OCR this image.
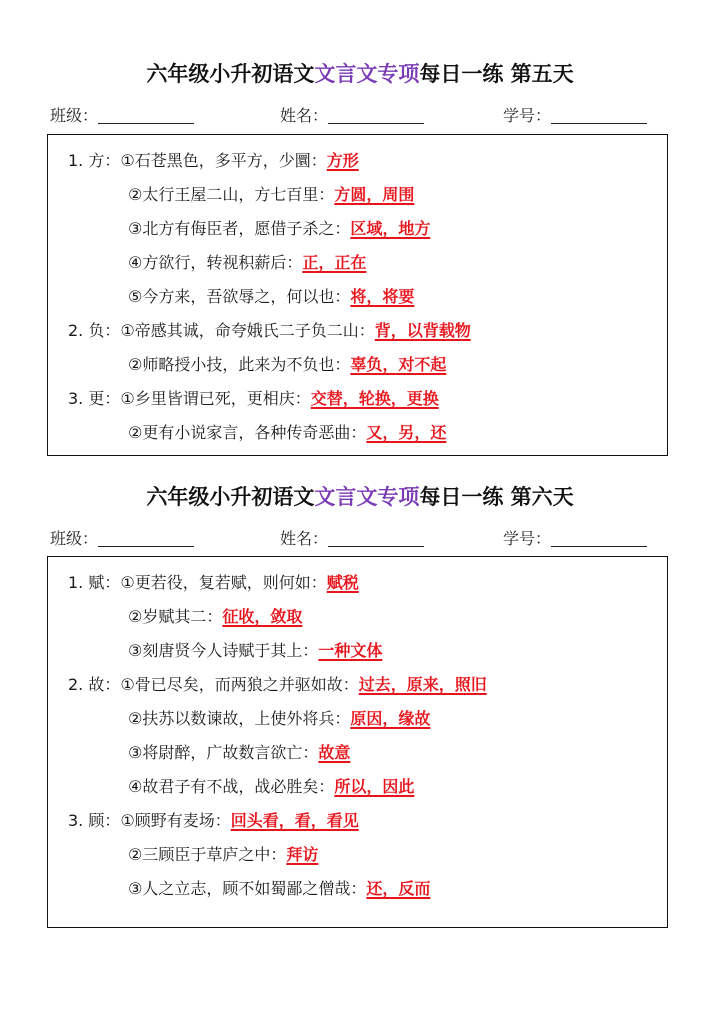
六年级小升初语文文言文专项每日一练 第五天
班级：	姓名：	学号：
1. 方：①石苍黑色，多平方，少圜：方形
②太行王屋二山，方七百里：方圆，周围
③北方有侮臣者，愿借子杀之：区域，地方
④方欲行，转视积薪后：正，正在
⑤今方来，吾欲辱之，何以也：将，将要
2. 负：①帝感其诚，命夸娥氏二子负二山：背，以背载物
②师略授小技，此来为不负也：辜负，对不起
3. 更：①乡里皆谓已死，更相庆：交替，轮换，更换
②更有小说家言，各种传奇恶曲：又，另，还
六年级小升初语文文言文专项每日一练 第六天
班级：	姓名：	学号：
1. 赋：①更若役，复若赋，则何如：赋税
②岁赋其二：征收，敛取
③刻唐贤今人诗赋于其上：一种文体
2. 故：①骨已尽矣，而两狼之并驱如故：过去，原来，照旧
②扶苏以数谏故，上使外将兵：原因，缘故
③将尉醉，广故数言欲亡：故意
④故君子有不战，战必胜矣：所以，因此
3. 顾：①顾野有麦场：回头看，看，看见
②三顾臣于草庐之中：拜访
③人之立志，顾不如蜀鄙之僧哉：还，反而
